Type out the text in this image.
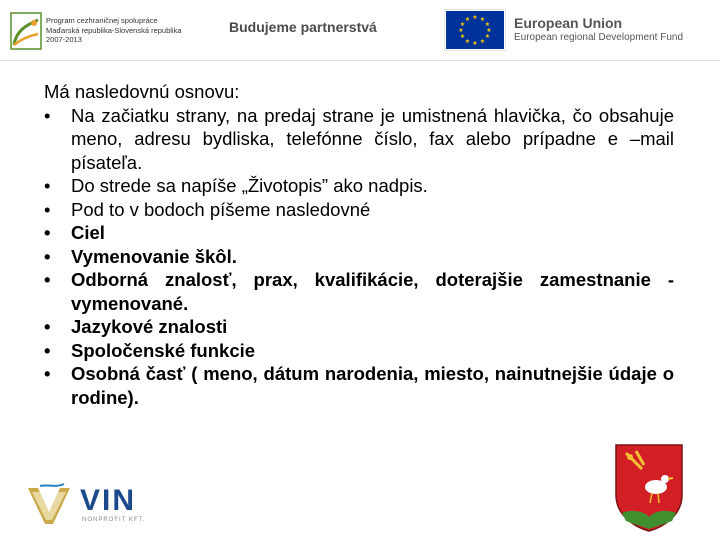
Program cezhraničnej spolupráce
Maďarská republika-Slovenská republika
2007-2013
Budujeme partnerstvá
★ ★
★
★
★
★
★
★
★
★
★
★	European Union
European regional Development Fund

Má nasledovnú osnovu:

• Na začiatku strany, na predaj strane je umistnená hlavička, čo obsahuje meno, adresu bydliska, telefónne číslo, fax alebo prípadne e –mail písateľa.
• Do strede sa napíše „Životopis” ako nadpis.
• Pod to v bodoch píšeme nasledovné
• Ciel
• Vymenovanie škôl.
• Odborná znalosť, prax, kvalifikácie, doterajšie zamestnanie - vymenované.
• Jazykové znalosti
• Spoločenské funkcie
• Osobná časť ( meno, dátum narodenia, miesto, nainutnejšie údaje o rodine).
VIN
NONPROFIT KFT.
